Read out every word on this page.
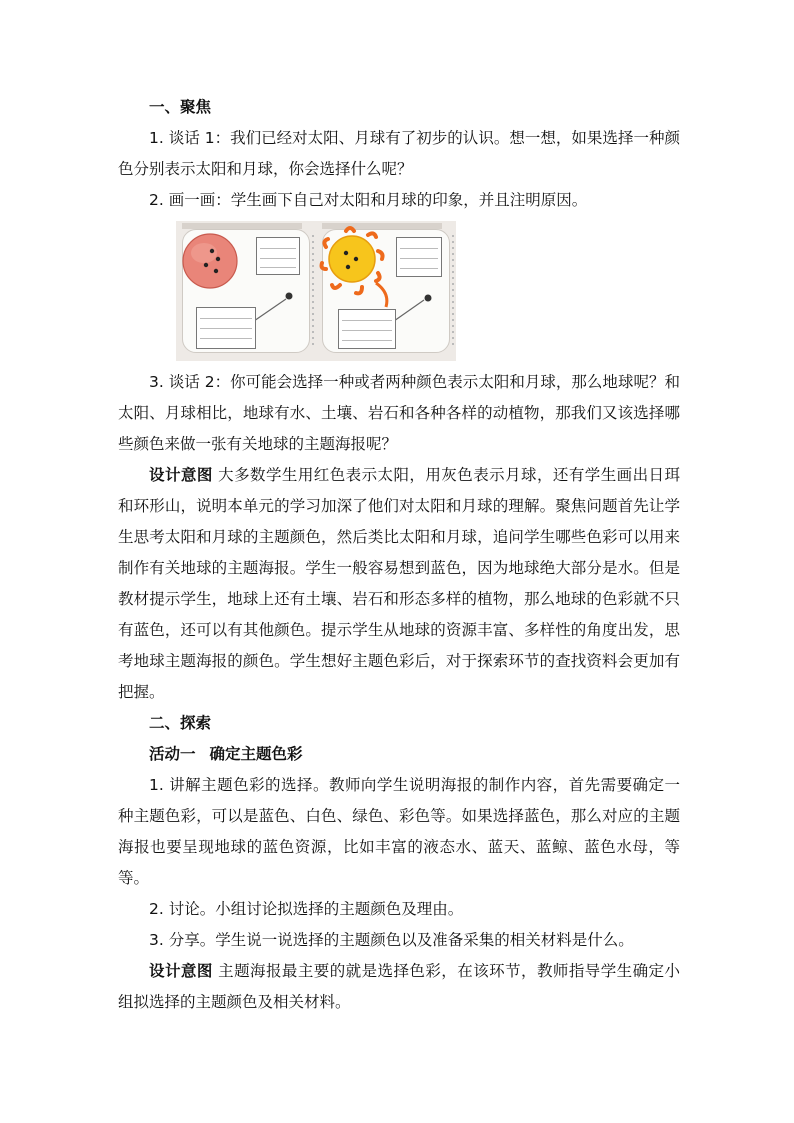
一、聚焦

1. 谈话 1：我们已经对太阳、月球有了初步的认识。想一想，如果选择一种颜色分别表示太阳和月球，你会选择什么呢？

2. 画一画：学生画下自己对太阳和月球的印象，并且注明原因。

3. 谈话 2：你可能会选择一种或者两种颜色表示太阳和月球，那么地球呢？和太阳、月球相比，地球有水、土壤、岩石和各种各样的动植物，那我们又该选择哪些颜色来做一张有关地球的主题海报呢？

设计意图 大多数学生用红色表示太阳，用灰色表示月球，还有学生画出日珥和环形山，说明本单元的学习加深了他们对太阳和月球的理解。聚焦问题首先让学生思考太阳和月球的主题颜色，然后类比太阳和月球，追问学生哪些色彩可以用来制作有关地球的主题海报。学生一般容易想到蓝色，因为地球绝大部分是水。但是教材提示学生，地球上还有土壤、岩石和形态多样的植物，那么地球的色彩就不只有蓝色，还可以有其他颜色。提示学生从地球的资源丰富、多样性的角度出发，思考地球主题海报的颜色。学生想好主题色彩后，对于探索环节的查找资料会更加有把握。

二、探索

活动一 确定主题色彩

1. 讲解主题色彩的选择。教师向学生说明海报的制作内容，首先需要确定一种主题色彩，可以是蓝色、白色、绿色、彩色等。如果选择蓝色，那么对应的主题海报也要呈现地球的蓝色资源，比如丰富的液态水、蓝天、蓝鲸、蓝色水母，等等。

2. 讨论。小组讨论拟选择的主题颜色及理由。

3. 分享。学生说一说选择的主题颜色以及准备采集的相关材料是什么。

设计意图 主题海报最主要的就是选择色彩，在该环节，教师指导学生确定小组拟选择的主题颜色及相关材料。
